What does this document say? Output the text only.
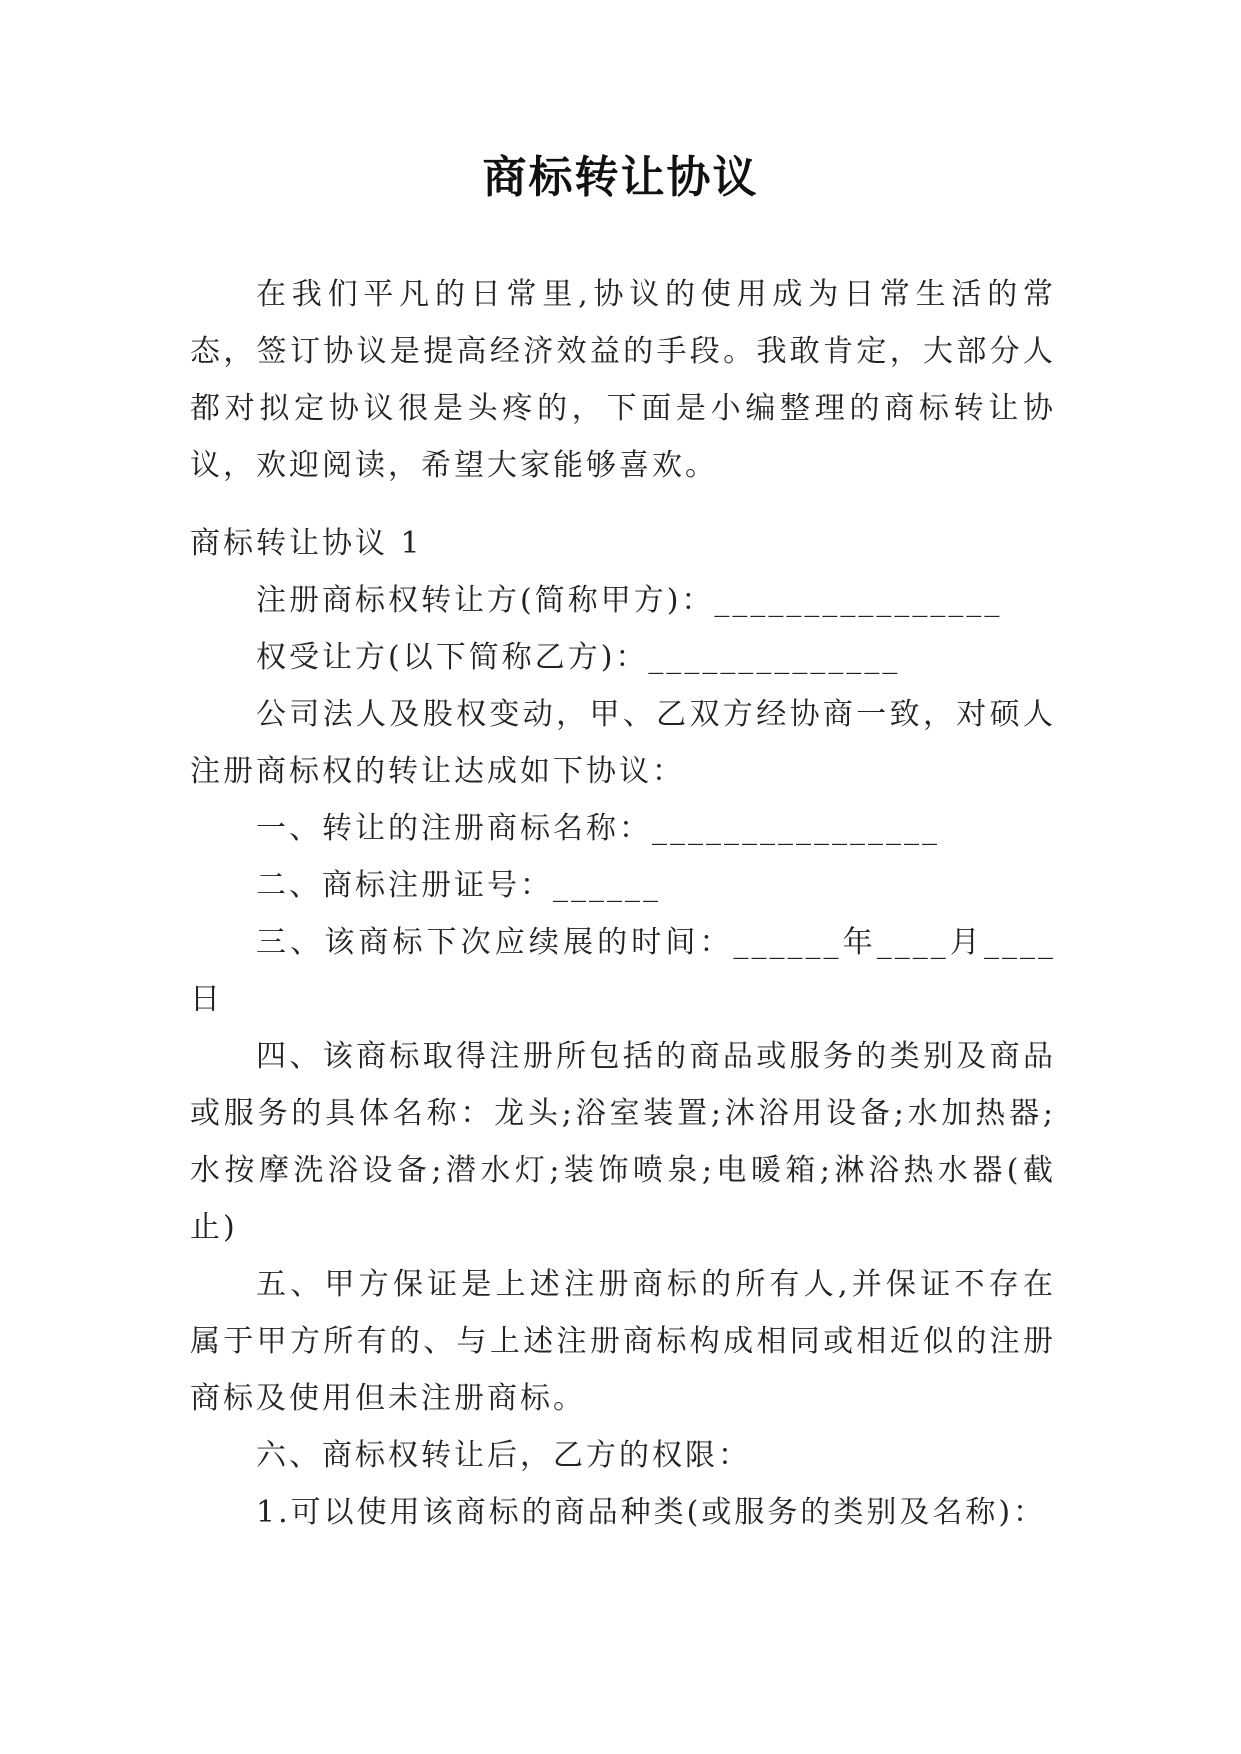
商标转让协议

在我们平凡的日常里,协议的使用成为日常生活的常态，签订协议是提高经济效益的手段。我敢肯定，大部分人都对拟定协议很是头疼的，下面是小编整理的商标转让协议，欢迎阅读，希望大家能够喜欢。

商标转让协议 1

注册商标权转让方(简称甲方)：________________

权受让方(以下简称乙方)：______________

公司法人及股权变动，甲、乙双方经协商一致，对硕人注册商标权的转让达成如下协议：

一、转让的注册商标名称：________________

二、商标注册证号：______

三、该商标下次应续展的时间：______年____月____日

四、该商标取得注册所包括的商品或服务的类别及商品或服务的具体名称：龙头;浴室装置;沐浴用设备;水加热器;水按摩洗浴设备;潜水灯;装饰喷泉;电暖箱;淋浴热水器(截止)

五、甲方保证是上述注册商标的所有人,并保证不存在属于甲方所有的、与上述注册商标构成相同或相近似的注册商标及使用但未注册商标。

六、商标权转让后，乙方的权限：

1.可以使用该商标的商品种类(或服务的类别及名称)：
